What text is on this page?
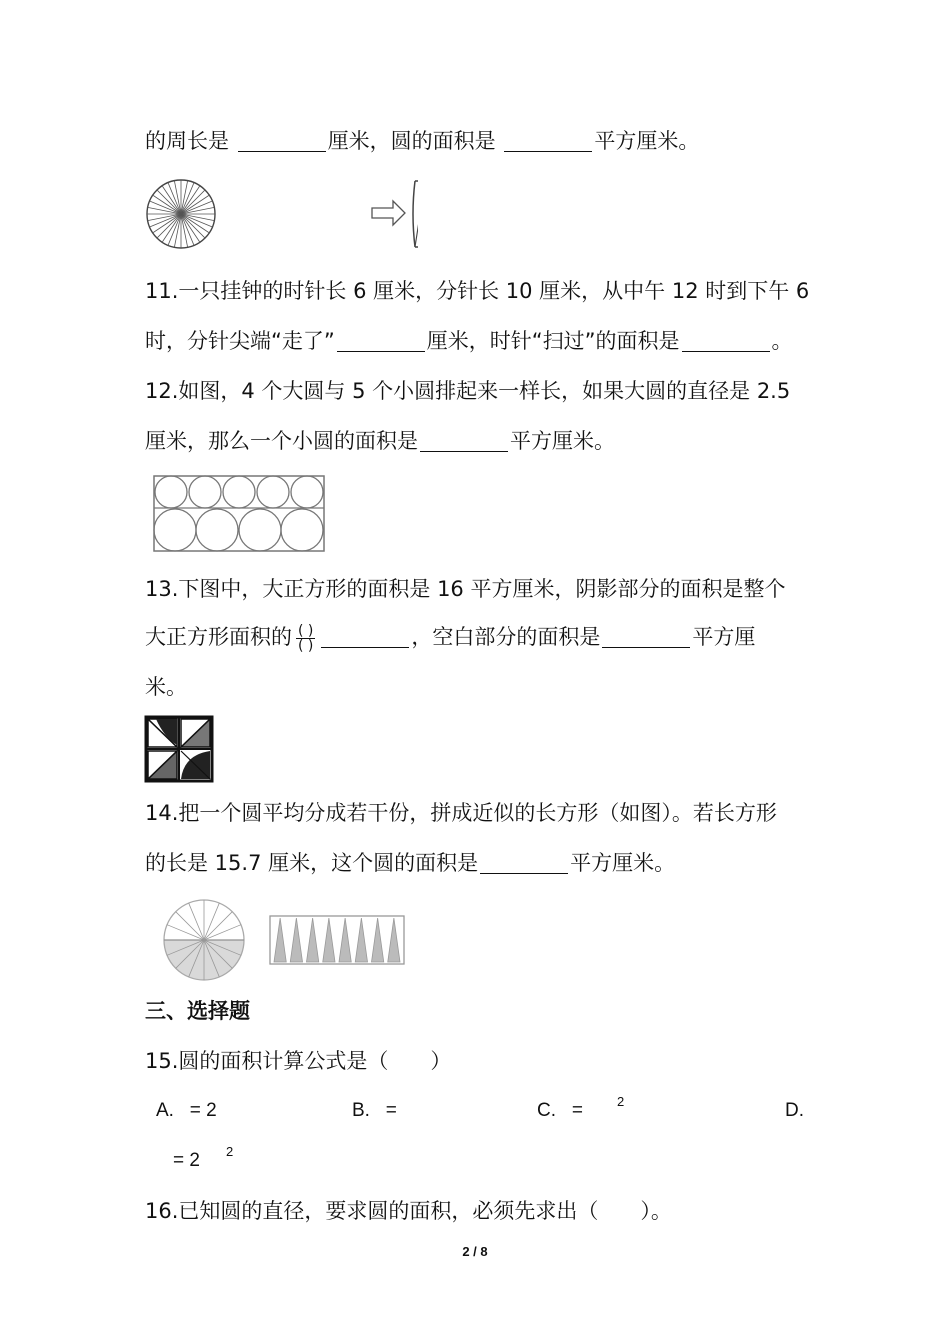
的周长是	厘米，圆的面积是	平方厘米。
11.一只挂钟的时针长 6 厘米，分针长 10 厘米，从中午 12 时到下午 6
时，分针尖端“走了”	厘米，时针“扫过”的面积是	。
12.如图，4 个大圆与 5 个小圆排起来一样长，如果大圆的直径是 2.5
厘米，那么一个小圆的面积是	平方厘米。
13.下图中，大正方形的面积是 16 平方厘米，阴影部分的面积是整个
大正方形面积的 $\frac{( )}{( )}$	，空白部分的面积是	平方厘
米。
14.把一个圆平均分成若干份，拼成近似的长方形（如图）。若长方形
的长是 15.7 厘米，这个圆的面积是	平方厘米。
三、选择题
15.圆的面积计算公式是（　　）
A. = 2	B. =	C. =	$^2$	D.
= 2 $^2$
16.已知圆的直径，要求圆的面积，必须先求出（　　）。
2 / 8
